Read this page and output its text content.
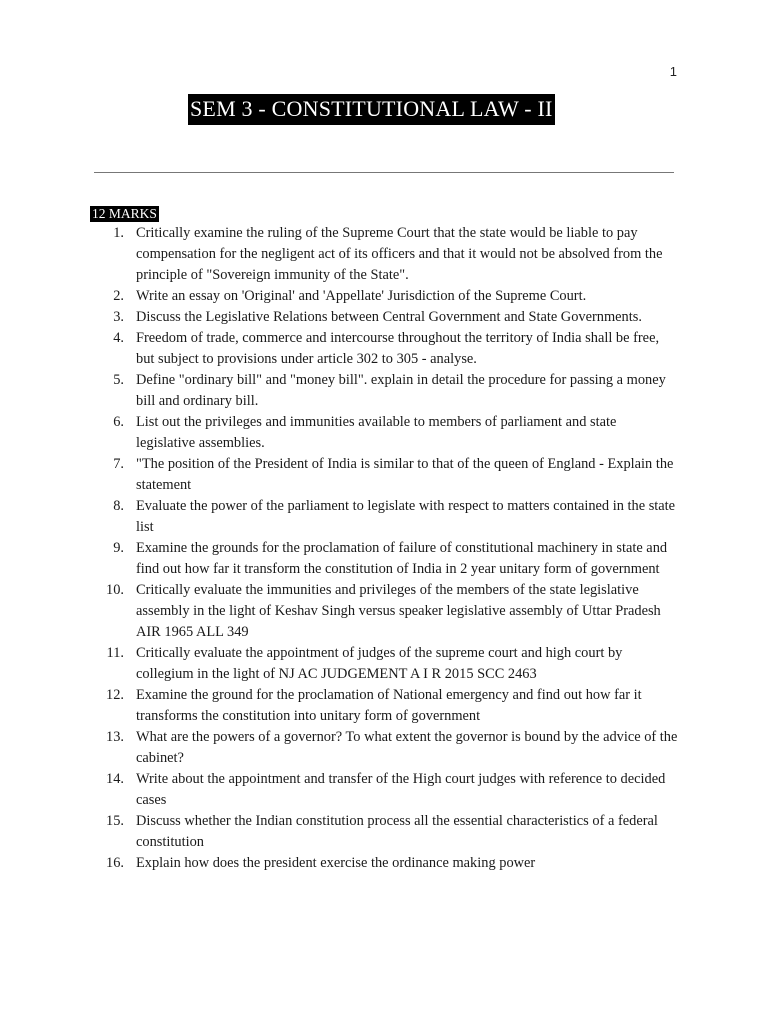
1
SEM 3 - CONSTITUTIONAL LAW - II
12 MARKS
1. Critically examine the ruling of the Supreme Court that the state would be liable to pay compensation for the negligent act of its officers and that it would not be absolved from the principle of "Sovereign immunity of the State".
2. Write an essay on 'Original' and 'Appellate' Jurisdiction of the Supreme Court.
3. Discuss the Legislative Relations between Central Government and State Governments.
4. Freedom of trade, commerce and intercourse throughout the territory of India shall be free, but subject to provisions under article 302 to 305 - analyse.
5. Define "ordinary bill" and "money bill". explain in detail the procedure for passing a money bill and ordinary bill.
6. List out the privileges and immunities available to members of parliament and state legislative assemblies.
7. "The position of the President of India is similar to that of the queen of England - Explain the statement
8. Evaluate the power of the parliament to legislate with respect to matters contained in the state list
9. Examine the grounds for the proclamation of failure of constitutional machinery in state and find out how far it transform the constitution of India in 2 year unitary form of government
10. Critically evaluate the immunities and privileges of the members of the state legislative assembly in the light of Keshav Singh versus speaker legislative assembly of Uttar Pradesh AIR 1965 ALL 349
11. Critically evaluate the appointment of judges of the supreme court and high court by collegium in the light of NJ AC JUDGEMENT A I R 2015 SCC 2463
12. Examine the ground for the proclamation of National emergency and find out how far it transforms the constitution into unitary form of government
13. What are the powers of a governor? To what extent the governor is bound by the advice of the cabinet?
14. Write about the appointment and transfer of the High court judges with reference to decided cases
15. Discuss whether the Indian constitution process all the essential characteristics of a federal constitution
16. Explain how does the president exercise the ordinance making power
